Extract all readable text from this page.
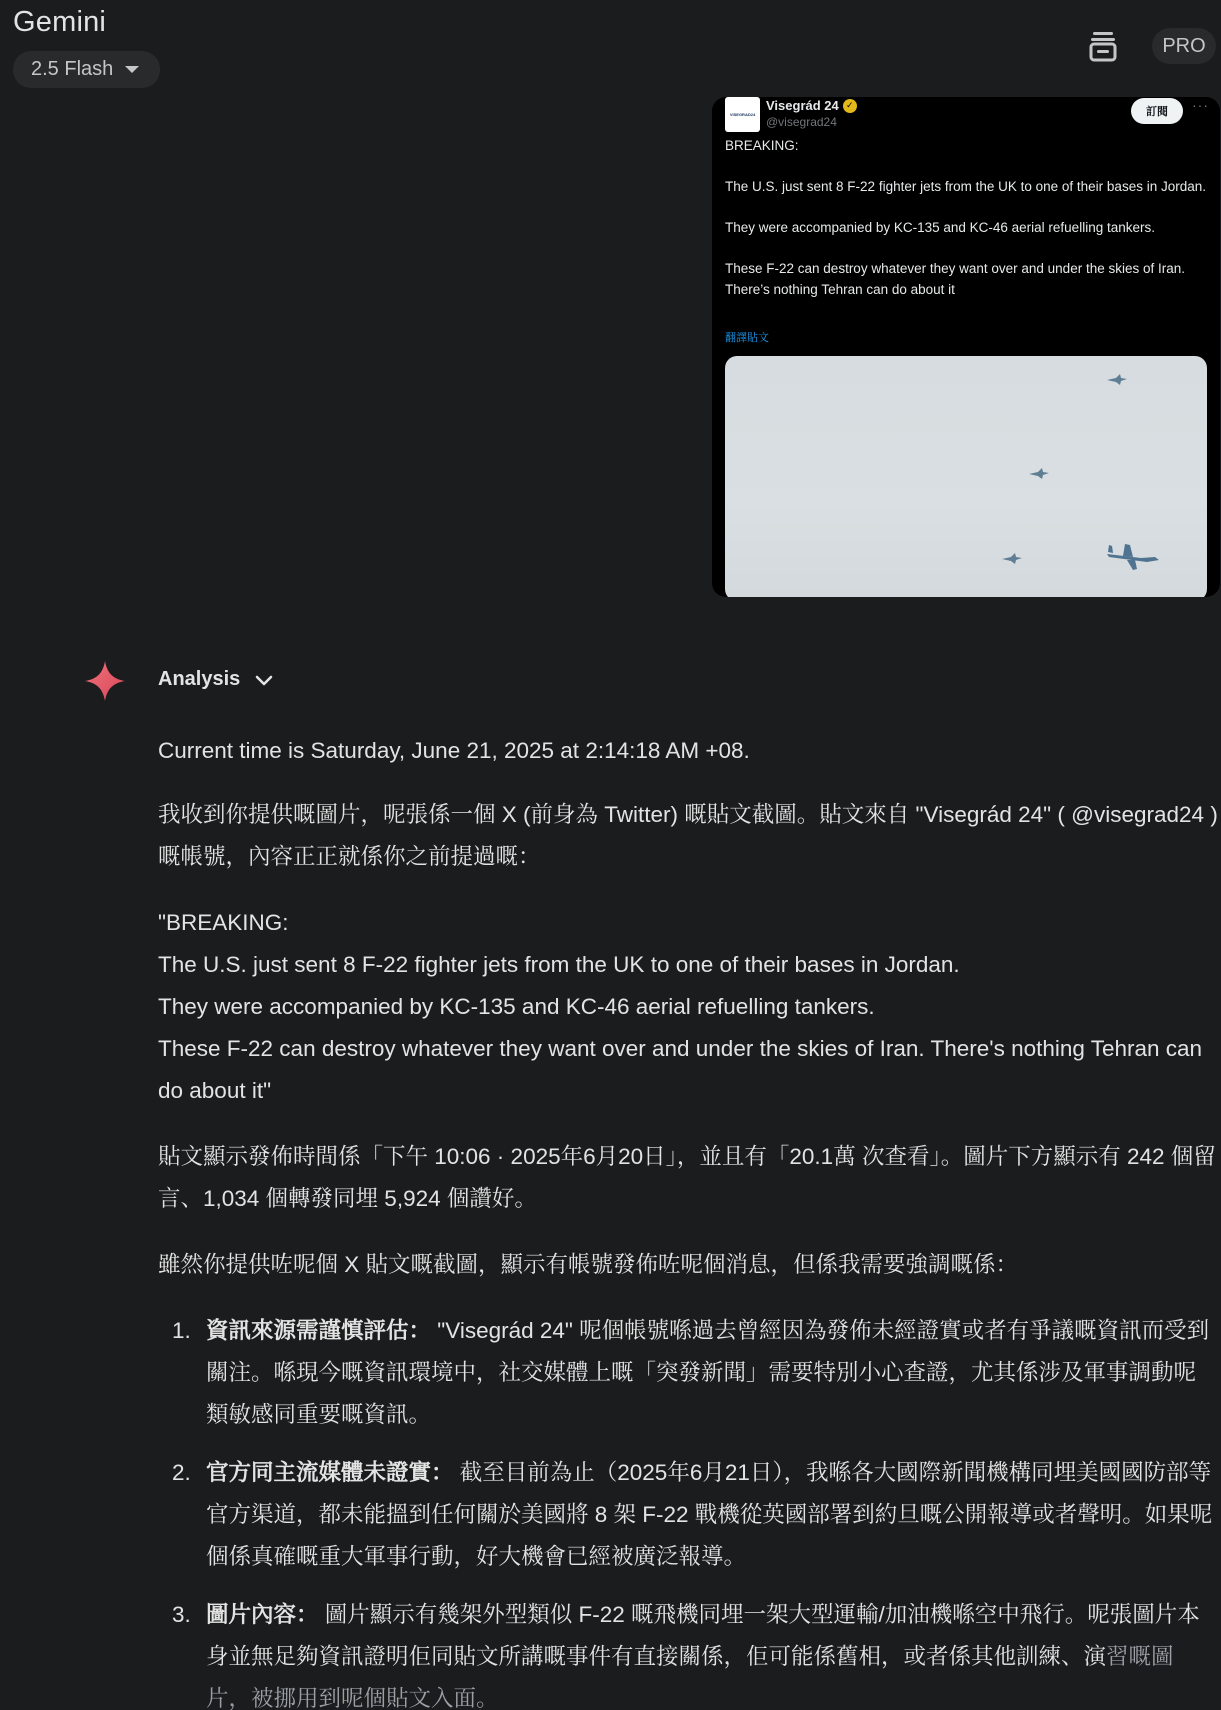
Gemini
2.5 Flash
PRO
VISEGRAD24
Visegrád 24 ✓
@visegrad24
訂閱	···

BREAKING:

The U.S. just sent 8 F-22 fighter jets from the UK to one of their bases in Jordan.

They were accompanied by KC-135 and KC-46 aerial refuelling tankers.

These F-22 can destroy whatever they want over and under the skies of Iran. There’s nothing Tehran can do about it

翻譯貼文
Analysis

Current time is Saturday, June 21, 2025 at 2:14:18 AM +08.

我收到你提供嘅圖片，呢張係一個 X (前身為 Twitter) 嘅貼文截圖。貼文來自 "Visegrád 24" ( @visegrad24 ) 嘅帳號，內容正正就係你之前提過嘅：

"BREAKING:
The U.S. just sent 8 F-22 fighter jets from the UK to one of their bases in Jordan.
They were accompanied by KC-135 and KC-46 aerial refuelling tankers.
These F-22 can destroy whatever they want over and under the skies of Iran. There's nothing Tehran can do about it"

貼文顯示發佈時間係「下午 10:06 · 2025年6月20日」，並且有「20.1萬 次查看」。圖片下方顯示有 242 個留言、1,034 個轉發同埋 5,924 個讚好。

雖然你提供咗呢個 X 貼文嘅截圖，顯示有帳號發佈咗呢個消息，但係我需要強調嘅係：

1. 資訊來源需謹慎評估： "Visegrád 24" 呢個帳號喺過去曾經因為發佈未經證實或者有爭議嘅資訊而受到關注。喺現今嘅資訊環境中，社交媒體上嘅「突發新聞」需要特別小心查證，尤其係涉及軍事調動呢類敏感同重要嘅資訊。
2. 官方同主流媒體未證實： 截至目前為止（2025年6月21日），我喺各大國際新聞機構同埋美國國防部等官方渠道，都未能搵到任何關於美國將 8 架 F-22 戰機從英國部署到約旦嘅公開報導或者聲明。如果呢個係真確嘅重大軍事行動，好大機會已經被廣泛報導。
3. 圖片內容： 圖片顯示有幾架外型類似 F-22 嘅飛機同埋一架大型運輸/加油機喺空中飛行。呢張圖片本身並無足夠資訊證明佢同貼文所講嘅事件有直接關係，佢可能係舊相，或者係其他訓練、演習嘅圖片，被挪用到呢個貼文入面。
